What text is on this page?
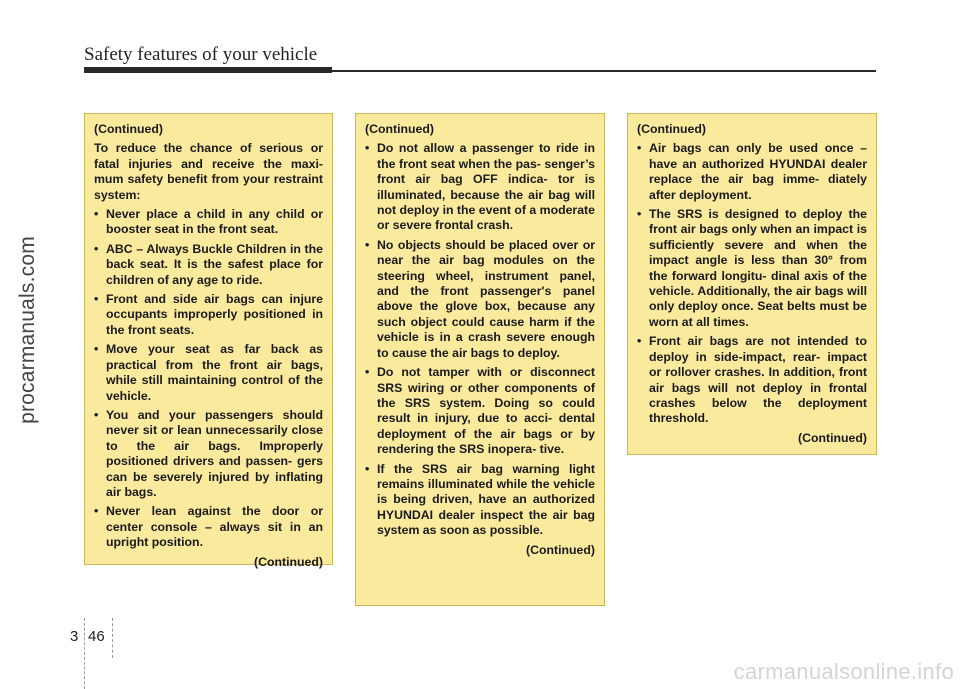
Safety features of your vehicle
procarmanuals.com

(Continued)

To reduce the chance of serious or fatal injuries and receive the maxi- mum safety benefit from your restraint system:

• Never place a child in any child or booster seat in the front seat.
• ABC – Always Buckle Children in the back seat. It is the safest place for children of any age to ride.
• Front and side air bags can injure occupants improperly positioned in the front seats.
• Move your seat as far back as practical from the front air bags, while still maintaining control of the vehicle.
• You and your passengers should never sit or lean unnecessarily close to the air bags. Improperly positioned drivers and passen- gers can be severely injured by inflating air bags.
• Never lean against the door or center console – always sit in an upright position.

(Continued)

(Continued)

• Do not allow a passenger to ride in the front seat when the pas- senger’s front air bag OFF indica- tor is illuminated, because the air bag will not deploy in the event of a moderate or severe frontal crash.
• No objects should be placed over or near the air bag modules on the steering wheel, instrument panel, and the front passenger's panel above the glove box, because any such object could cause harm if the vehicle is in a crash severe enough to cause the air bags to deploy.
• Do not tamper with or disconnect SRS wiring or other components of the SRS system. Doing so could result in injury, due to acci- dental deployment of the air bags or by rendering the SRS inopera- tive.
• If the SRS air bag warning light remains illuminated while the vehicle is being driven, have an authorized HYUNDAI dealer inspect the air bag system as soon as possible.

(Continued)

(Continued)

• Air bags can only be used once – have an authorized HYUNDAI dealer replace the air bag imme- diately after deployment.
• The SRS is designed to deploy the front air bags only when an impact is sufficiently severe and when the impact angle is less than 30° from the forward longitu- dinal axis of the vehicle. Additionally, the air bags will only deploy once. Seat belts must be worn at all times.
• Front air bags are not intended to deploy in side-impact, rear- impact or rollover crashes. In addition, front air bags will not deploy in frontal crashes below the deployment threshold.

(Continued)

3 46
carmanualsonline.info
